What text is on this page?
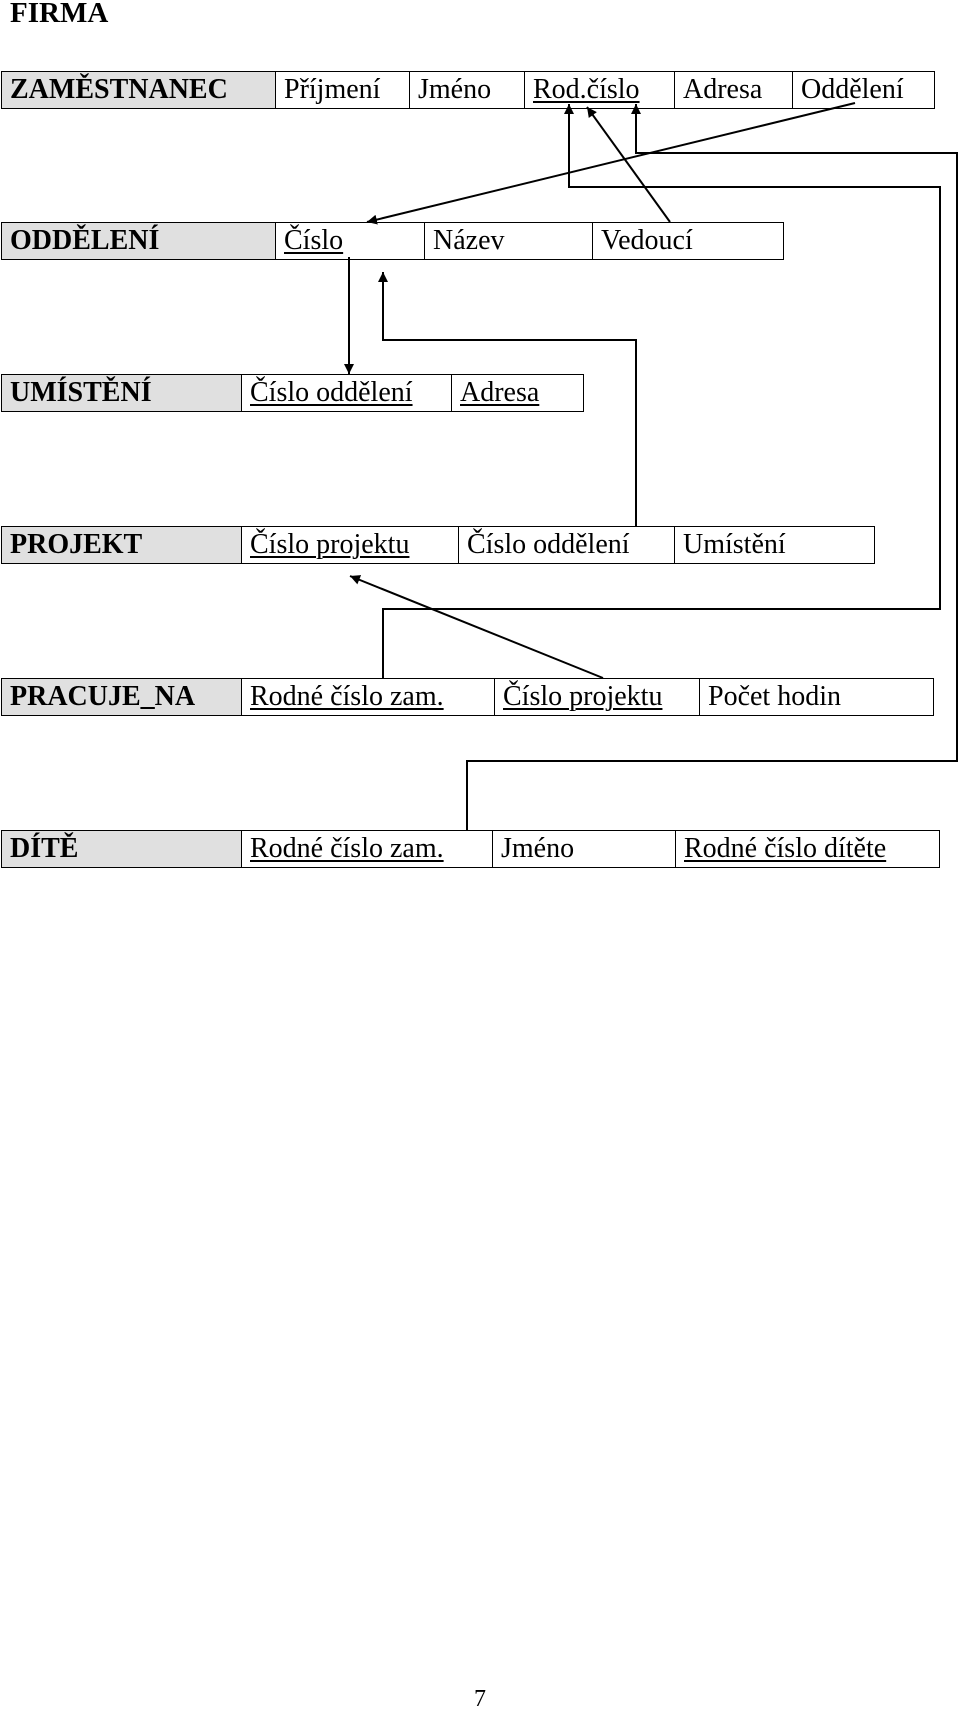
FIRMA
ZAMĚSTNANEC	Příjmení	Jméno	Rod.číslo	Adresa	Oddělení
ODDĚLENÍ	Číslo	Název	Vedoucí
UMÍSTĚNÍ	Číslo oddělení	Adresa
PROJEKT	Číslo projektu	Číslo oddělení	Umístění
PRACUJE_NA	Rodné číslo zam.	Číslo projektu	Počet hodin
DÍTĚ	Rodné číslo zam.	Jméno	Rodné číslo dítěte
7
